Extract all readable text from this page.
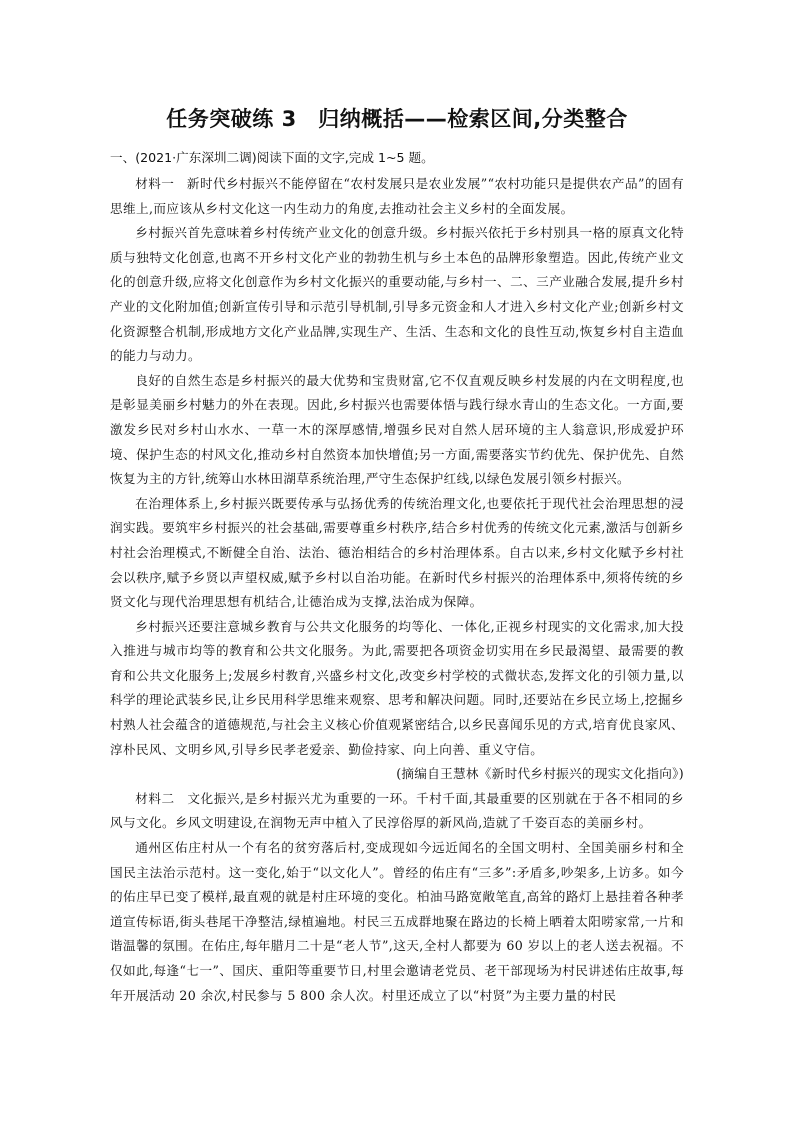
任务突破练 3　归纳概括——检索区间,分类整合

一、(2021·广东深圳二调)阅读下面的文字,完成 1~5 题。

材料一 新时代乡村振兴不能停留在“农村发展只是农业发展”“农村功能只是提供农产品”的固有思维上,而应该从乡村文化这一内生动力的角度,去推动社会主义乡村的全面发展。

乡村振兴首先意味着乡村传统产业文化的创意升级。乡村振兴依托于乡村别具一格的原真文化特质与独特文化创意,也离不开乡村文化产业的勃勃生机与乡土本色的品牌形象塑造。因此,传统产业文化的创意升级,应将文化创意作为乡村文化振兴的重要动能,与乡村一、二、三产业融合发展,提升乡村产业的文化附加值;创新宣传引导和示范引导机制,引导多元资金和人才进入乡村文化产业;创新乡村文化资源整合机制,形成地方文化产业品牌,实现生产、生活、生态和文化的良性互动,恢复乡村自主造血的能力与动力。

良好的自然生态是乡村振兴的最大优势和宝贵财富,它不仅直观反映乡村发展的内在文明程度,也是彰显美丽乡村魅力的外在表现。因此,乡村振兴也需要体悟与践行绿水青山的生态文化。一方面,要激发乡民对乡村山水水、一草一木的深厚感情,增强乡民对自然人居环境的主人翁意识,形成爱护环境、保护生态的村风文化,推动乡村自然资本加快增值;另一方面,需要落实节约优先、保护优先、自然恢复为主的方针,统筹山水林田湖草系统治理,严守生态保护红线,以绿色发展引领乡村振兴。

在治理体系上,乡村振兴既要传承与弘扬优秀的传统治理文化,也要依托于现代社会治理思想的浸润实践。要筑牢乡村振兴的社会基础,需要尊重乡村秩序,结合乡村优秀的传统文化元素,激活与创新乡村社会治理模式,不断健全自治、法治、德治相结合的乡村治理体系。自古以来,乡村文化赋予乡村社会以秩序,赋予乡贤以声望权威,赋予乡村以自治功能。在新时代乡村振兴的治理体系中,须将传统的乡贤文化与现代治理思想有机结合,让德治成为支撑,法治成为保障。

乡村振兴还要注意城乡教育与公共文化服务的均等化、一体化,正视乡村现实的文化需求,加大投入推进与城市均等的教育和公共文化服务。为此,需要把各项资金切实用在乡民最渴望、最需要的教育和公共文化服务上;发展乡村教育,兴盛乡村文化,改变乡村学校的式微状态,发挥文化的引领力量,以科学的理论武装乡民,让乡民用科学思维来观察、思考和解决问题。同时,还要站在乡民立场上,挖掘乡村熟人社会蕴含的道德规范,与社会主义核心价值观紧密结合,以乡民喜闻乐见的方式,培育优良家风、淳朴民风、文明乡风,引导乡民孝老爱亲、勤俭持家、向上向善、重义守信。

(摘编自王慧林《新时代乡村振兴的现实文化指向》)

材料二 文化振兴,是乡村振兴尤为重要的一环。千村千面,其最重要的区别就在于各不相同的乡风与文化。乡风文明建设,在润物无声中植入了民淳俗厚的新风尚,造就了千姿百态的美丽乡村。

通州区佑庄村从一个有名的贫穷落后村,变成现如今远近闻名的全国文明村、全国美丽乡村和全国民主法治示范村。这一变化,始于“以文化人”。曾经的佑庄有“三多”:矛盾多,吵架多,上访多。如今的佑庄早已变了模样,最直观的就是村庄环境的变化。柏油马路宽敞笔直,高耸的路灯上悬挂着各种孝道宣传标语,街头巷尾干净整洁,绿植遍地。村民三五成群地聚在路边的长椅上晒着太阳唠家常,一片和谐温馨的氛围。在佑庄,每年腊月二十是“老人节”,这天,全村人都要为 60 岁以上的老人送去祝福。不仅如此,每逢“七一”、国庆、重阳等重要节日,村里会邀请老党员、老干部现场为村民讲述佑庄故事,每年开展活动 20 余次,村民参与 5 800 余人次。村里还成立了以“村贤”为主要力量的村民
